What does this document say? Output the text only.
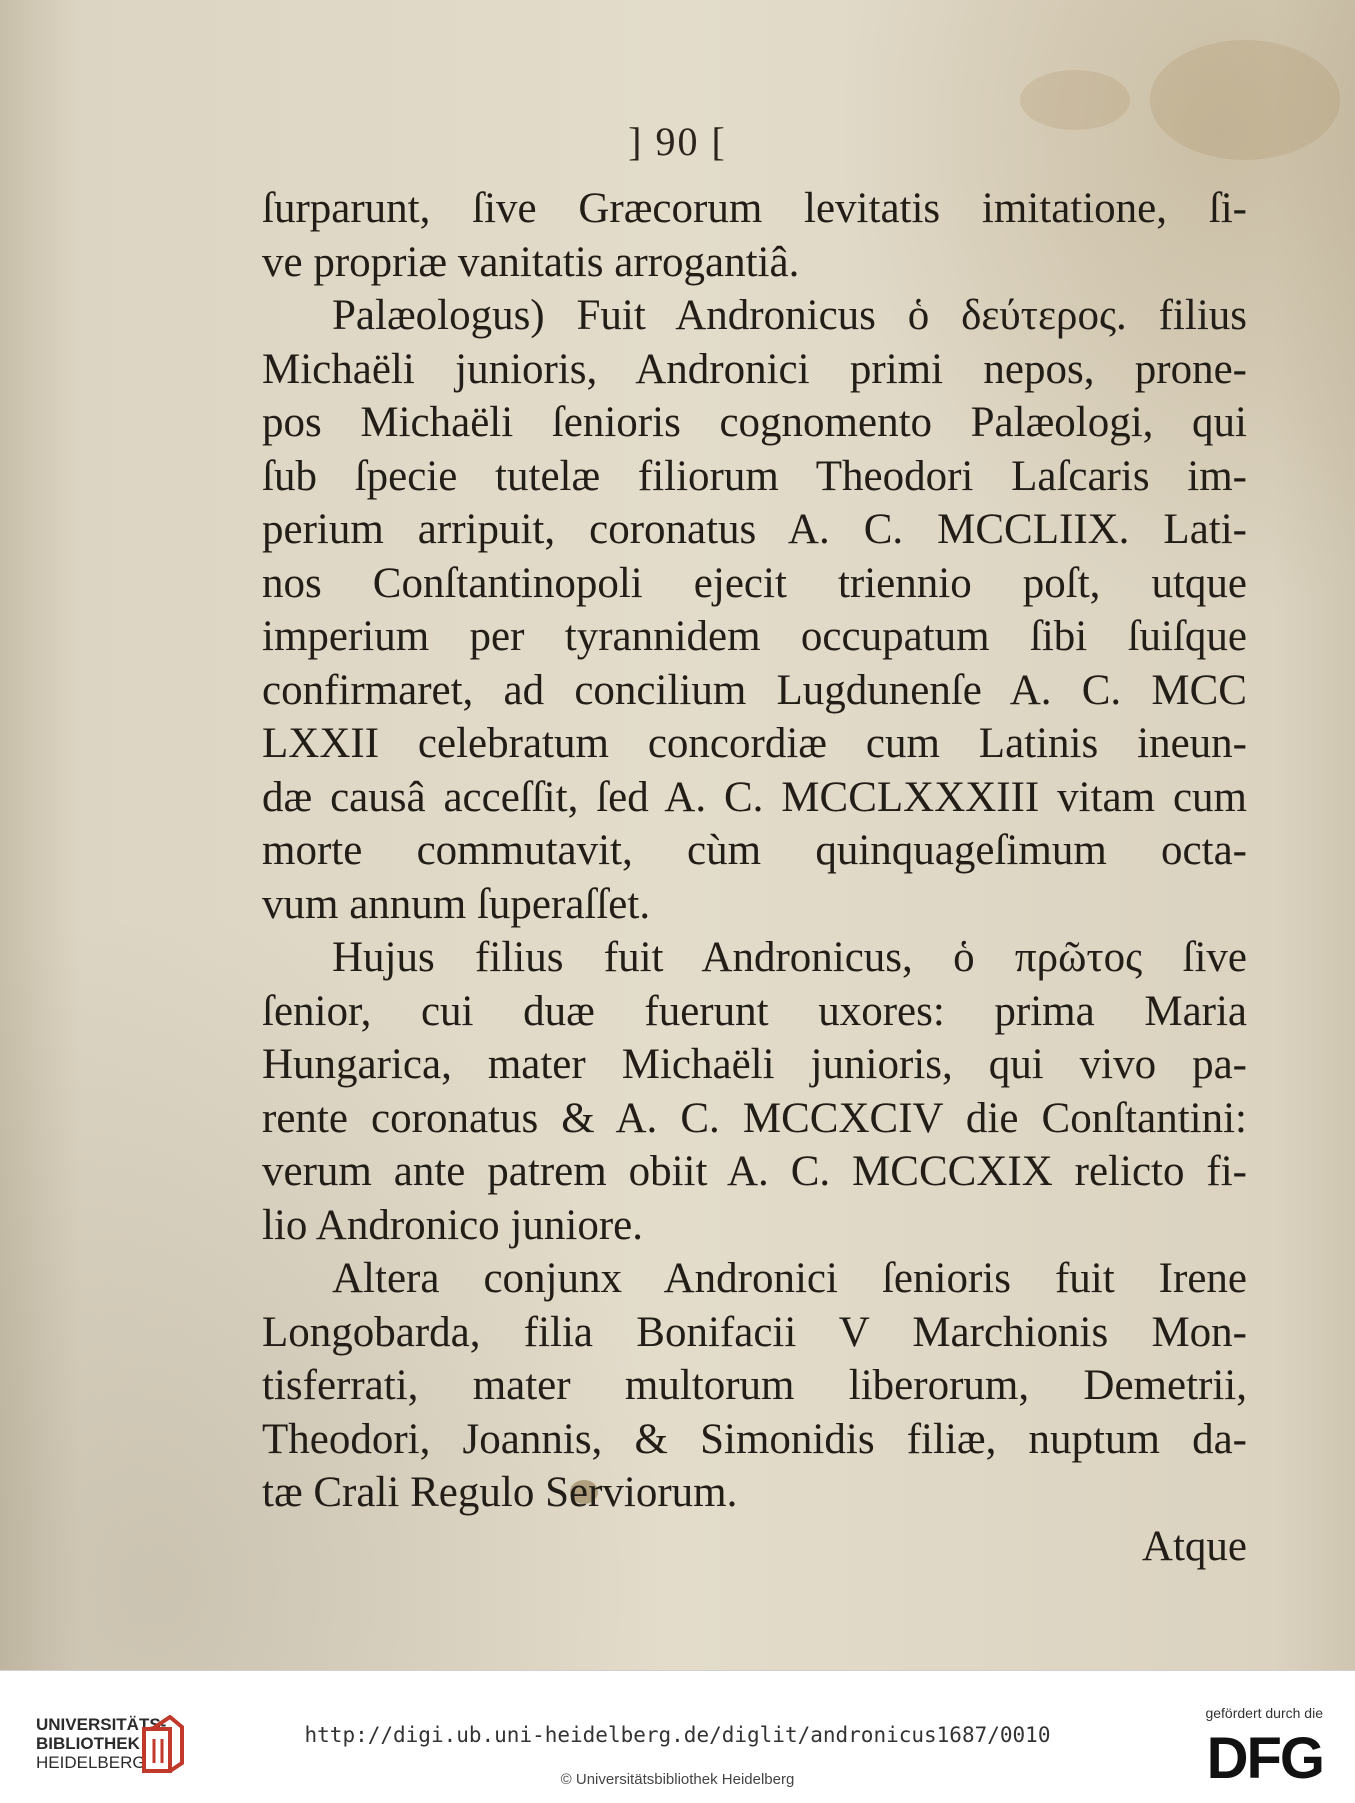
] 90 [
ſurparunt, ſive Græcorum levitatis imitatione, ſi-
ve propriæ vanitatis arrogantiâ.
Palæologus) Fuit Andronicus ὁ δεύτερος. filius
Michaëli junioris, Andronici primi nepos, prone-
pos Michaëli ſenioris cognomento Palæologi, qui
ſub ſpecie tutelæ filiorum Theodori Laſcaris im-
perium arripuit, coronatus A. C. MCCLIIX. Lati-
nos Conſtantinopoli ejecit triennio poſt, utque
imperium per tyrannidem occupatum ſibi ſuiſque
confirmaret, ad concilium Lugdunenſe A. C. MCC
LXXII celebratum concordiæ cum Latinis ineun-
dæ causâ acceſſit, ſed A. C. MCCLXXXIII vitam cum
morte commutavit, cùm quinquageſimum octa-
vum annum ſuperaſſet.
Hujus filius fuit Andronicus, ὁ πρῶτος ſive
ſenior, cui duæ fuerunt uxores: prima Maria
Hungarica, mater Michaëli junioris, qui vivo pa-
rente coronatus & A. C. MCCXCIV die Conſtantini:
verum ante patrem obiit A. C. MCCCXIX relicto fi-
lio Andronico juniore.
Altera conjunx Andronici ſenioris fuit Irene
Longobarda, filia Bonifacii V Marchionis Mon-
tisferrati, mater multorum liberorum, Demetrii,
Theodori, Joannis, & Simonidis filiæ, nuptum da-
tæ Crali Regulo Serviorum.
Atque
UNIVERSITÄTS-
BIBLIOTHEK
HEIDELBERG
http://digi.ub.uni-heidelberg.de/diglit/andronicus1687/0010
© Universitätsbibliothek Heidelberg
gefördert durch die
DFG
